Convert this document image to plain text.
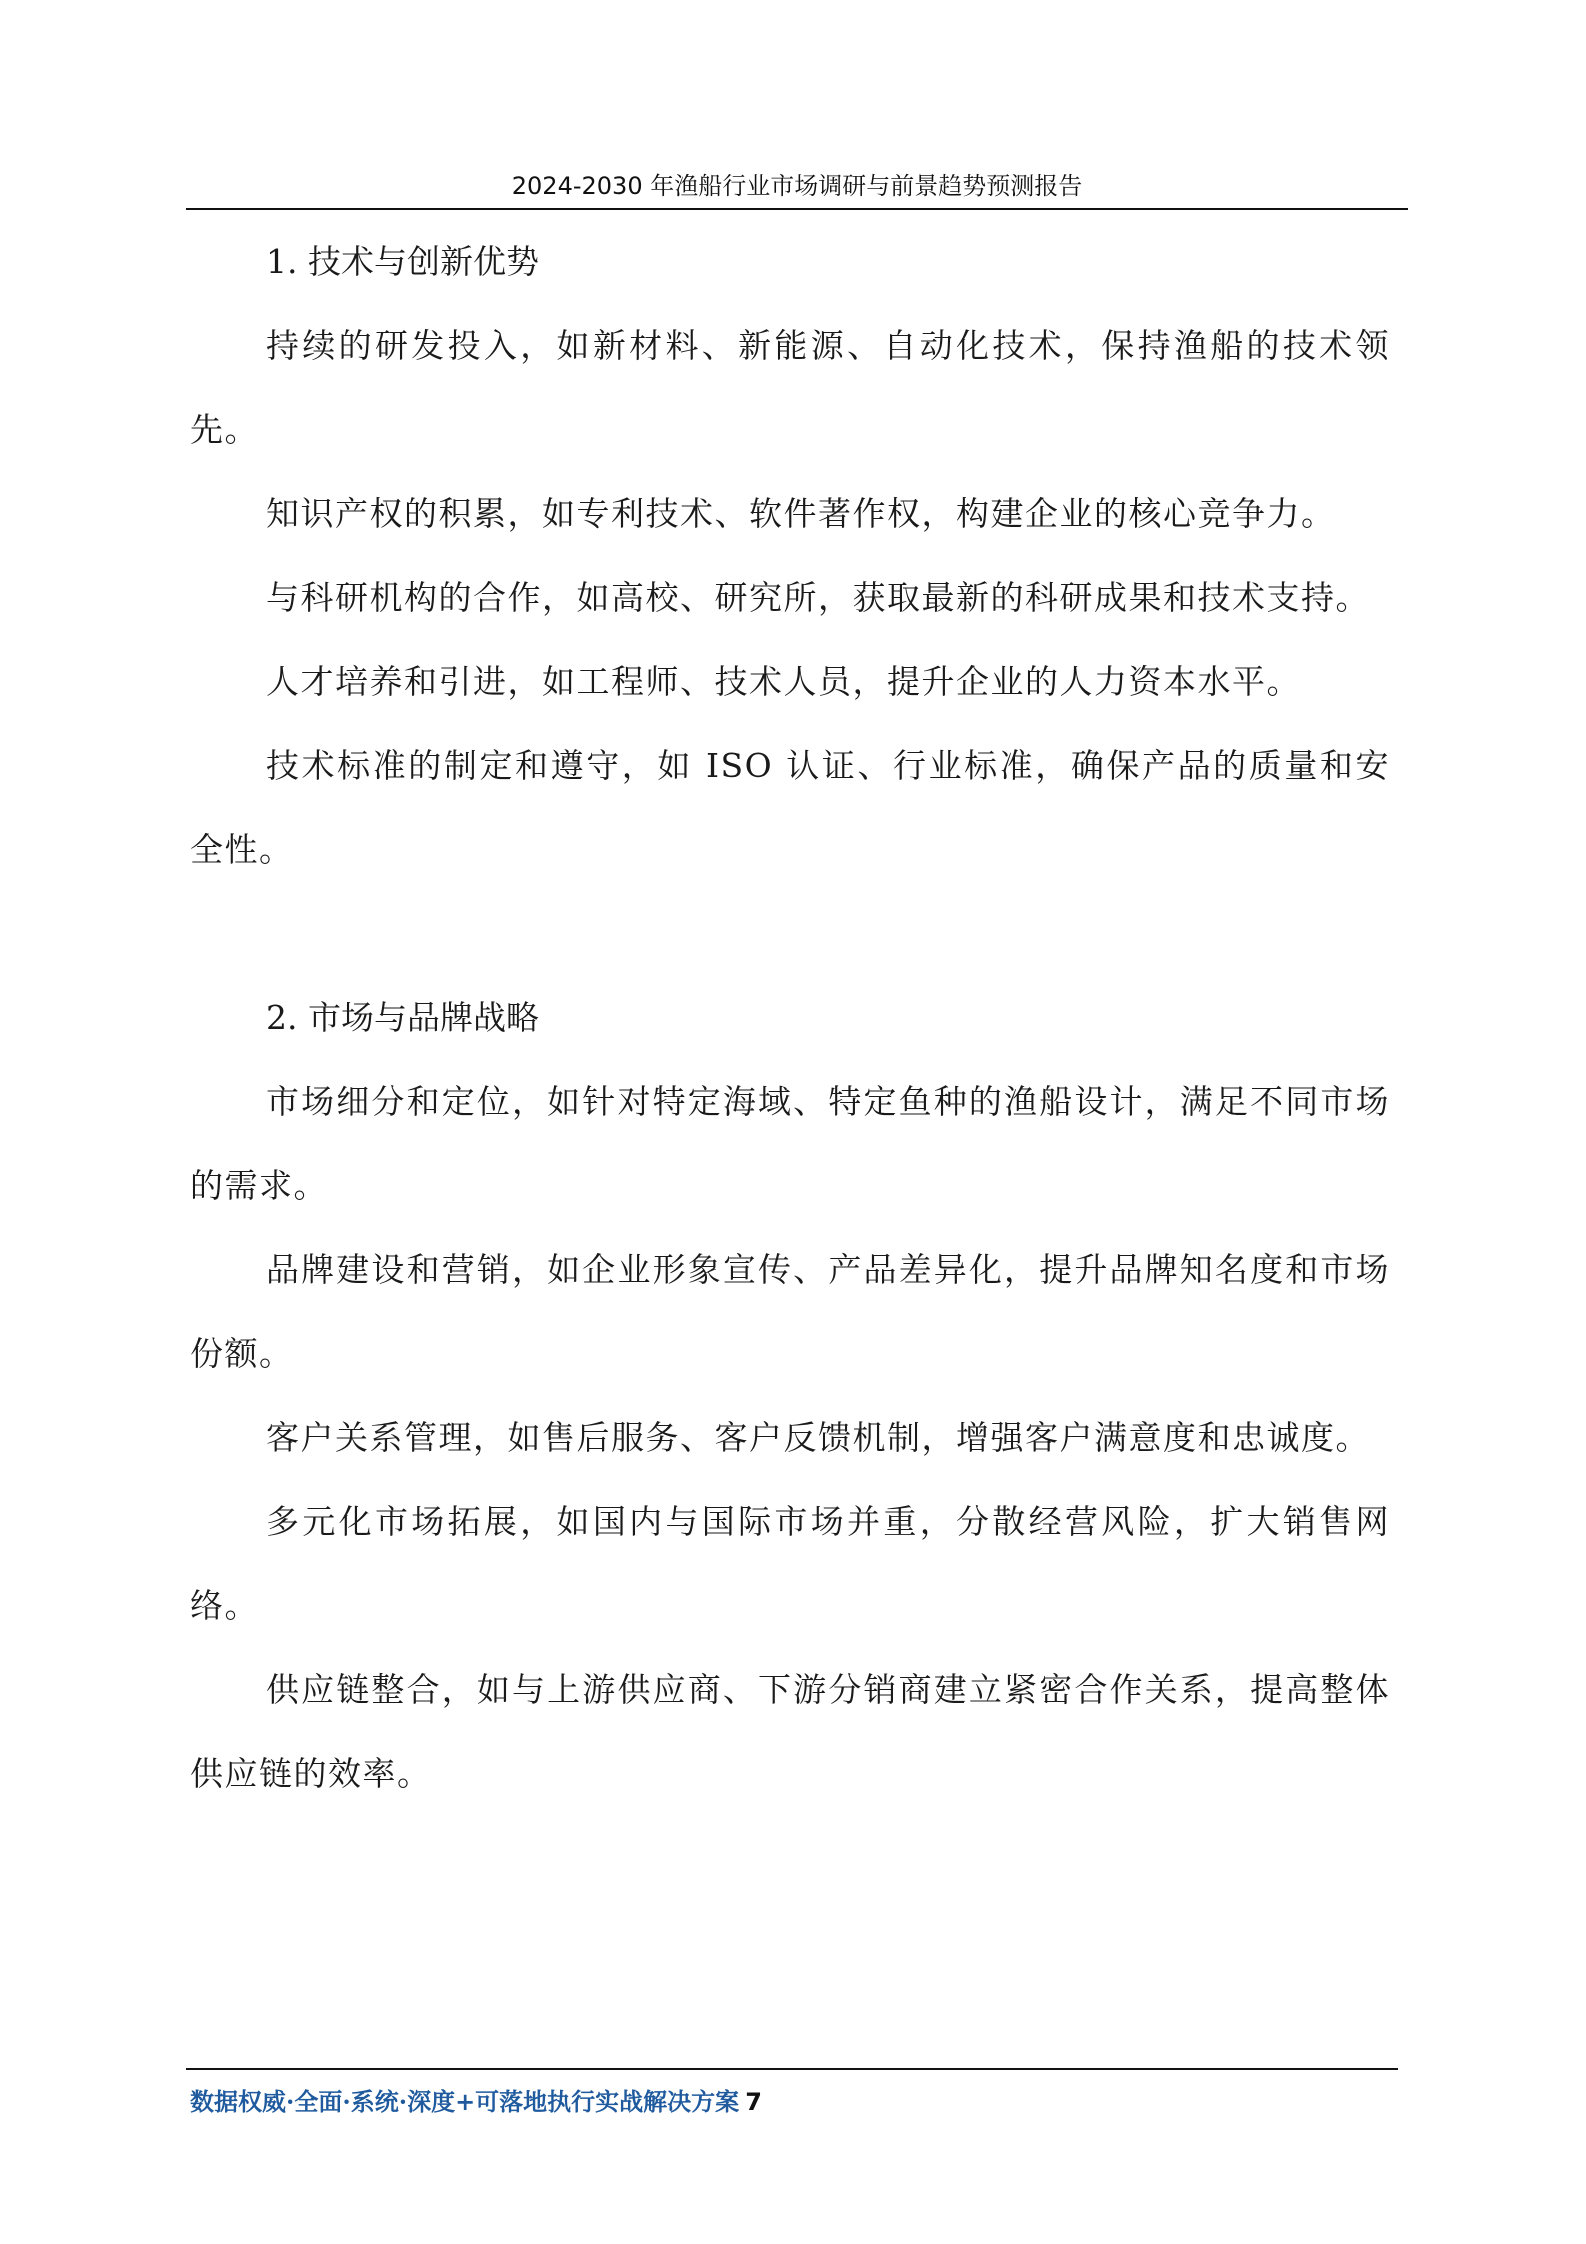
2024-2030 年渔船行业市场调研与前景趋势预测报告
1. 技术与创新优势

持续的研发投入，如新材料、新能源、自动化技术，保持渔船的技术领先。

知识产权的积累，如专利技术、软件著作权，构建企业的核心竞争力。

与科研机构的合作，如高校、研究所，获取最新的科研成果和技术支持。

人才培养和引进，如工程师、技术人员，提升企业的人力资本水平。

技术标准的制定和遵守，如 ISO 认证、行业标准，确保产品的质量和安全性。

2. 市场与品牌战略

市场细分和定位，如针对特定海域、特定鱼种的渔船设计，满足不同市场的需求。

品牌建设和营销，如企业形象宣传、产品差异化，提升品牌知名度和市场份额。

客户关系管理，如售后服务、客户反馈机制，增强客户满意度和忠诚度。

多元化市场拓展，如国内与国际市场并重，分散经营风险，扩大销售网络。

供应链整合，如与上游供应商、下游分销商建立紧密合作关系，提高整体供应链的效率。

数据权威·全面·系统·深度+可落地执行实战解决方案 7
